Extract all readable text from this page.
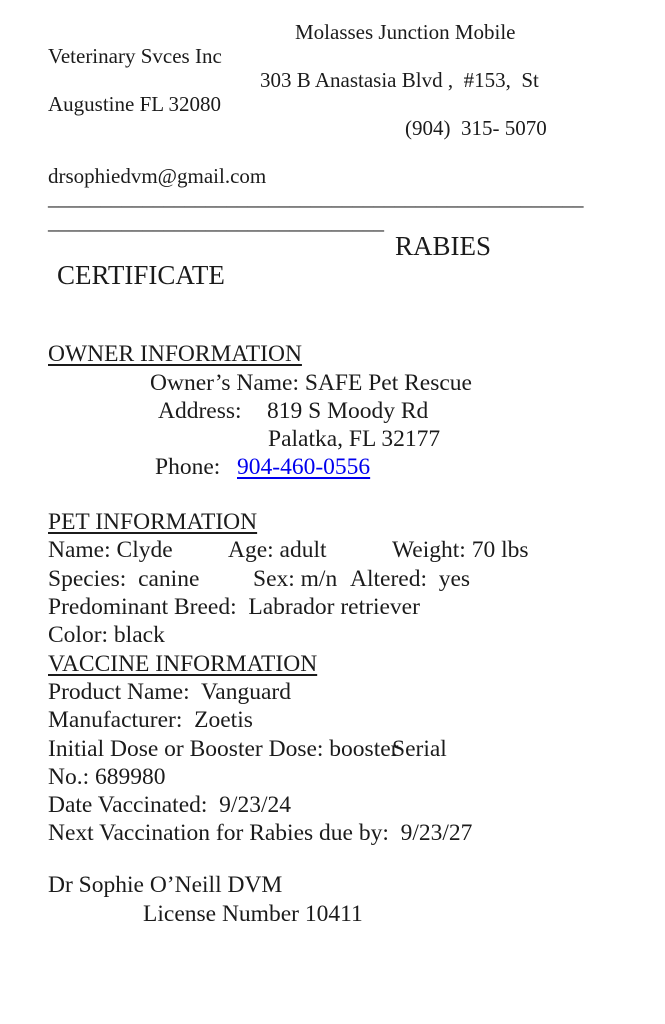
Molasses Junction Mobile
Veterinary Svces Inc
303 B Anastasia Blvd ,  #153,  St
Augustine FL 32080
(904)  315- 5070
drsophiedvm@gmail.com
___________________________________________________
________________________________
RABIES
CERTIFICATE
OWNER INFORMATION
Owner’s Name: SAFE Pet Rescue

Address:

819 S Moody Rd

Palatka, FL 32177

Phone:

904-460-0556

PET INFORMATION

Name: Clyde

Age: adult

	Weight: 70 lbs

Species:  canine

Sex: m/n

Altered:  yes

Predominant Breed:  Labrador retriever
Color: black
VACCINE INFORMATION
Product Name:  Vanguard
Manufacturer:  Zoetis

Initial Dose or Booster Dose: booster

Serial

No.: 689980
Date Vaccinated:  9/23/24
Next Vaccination for Rabies due by:  9/23/27
Dr Sophie O’Neill DVM
License Number 10411
